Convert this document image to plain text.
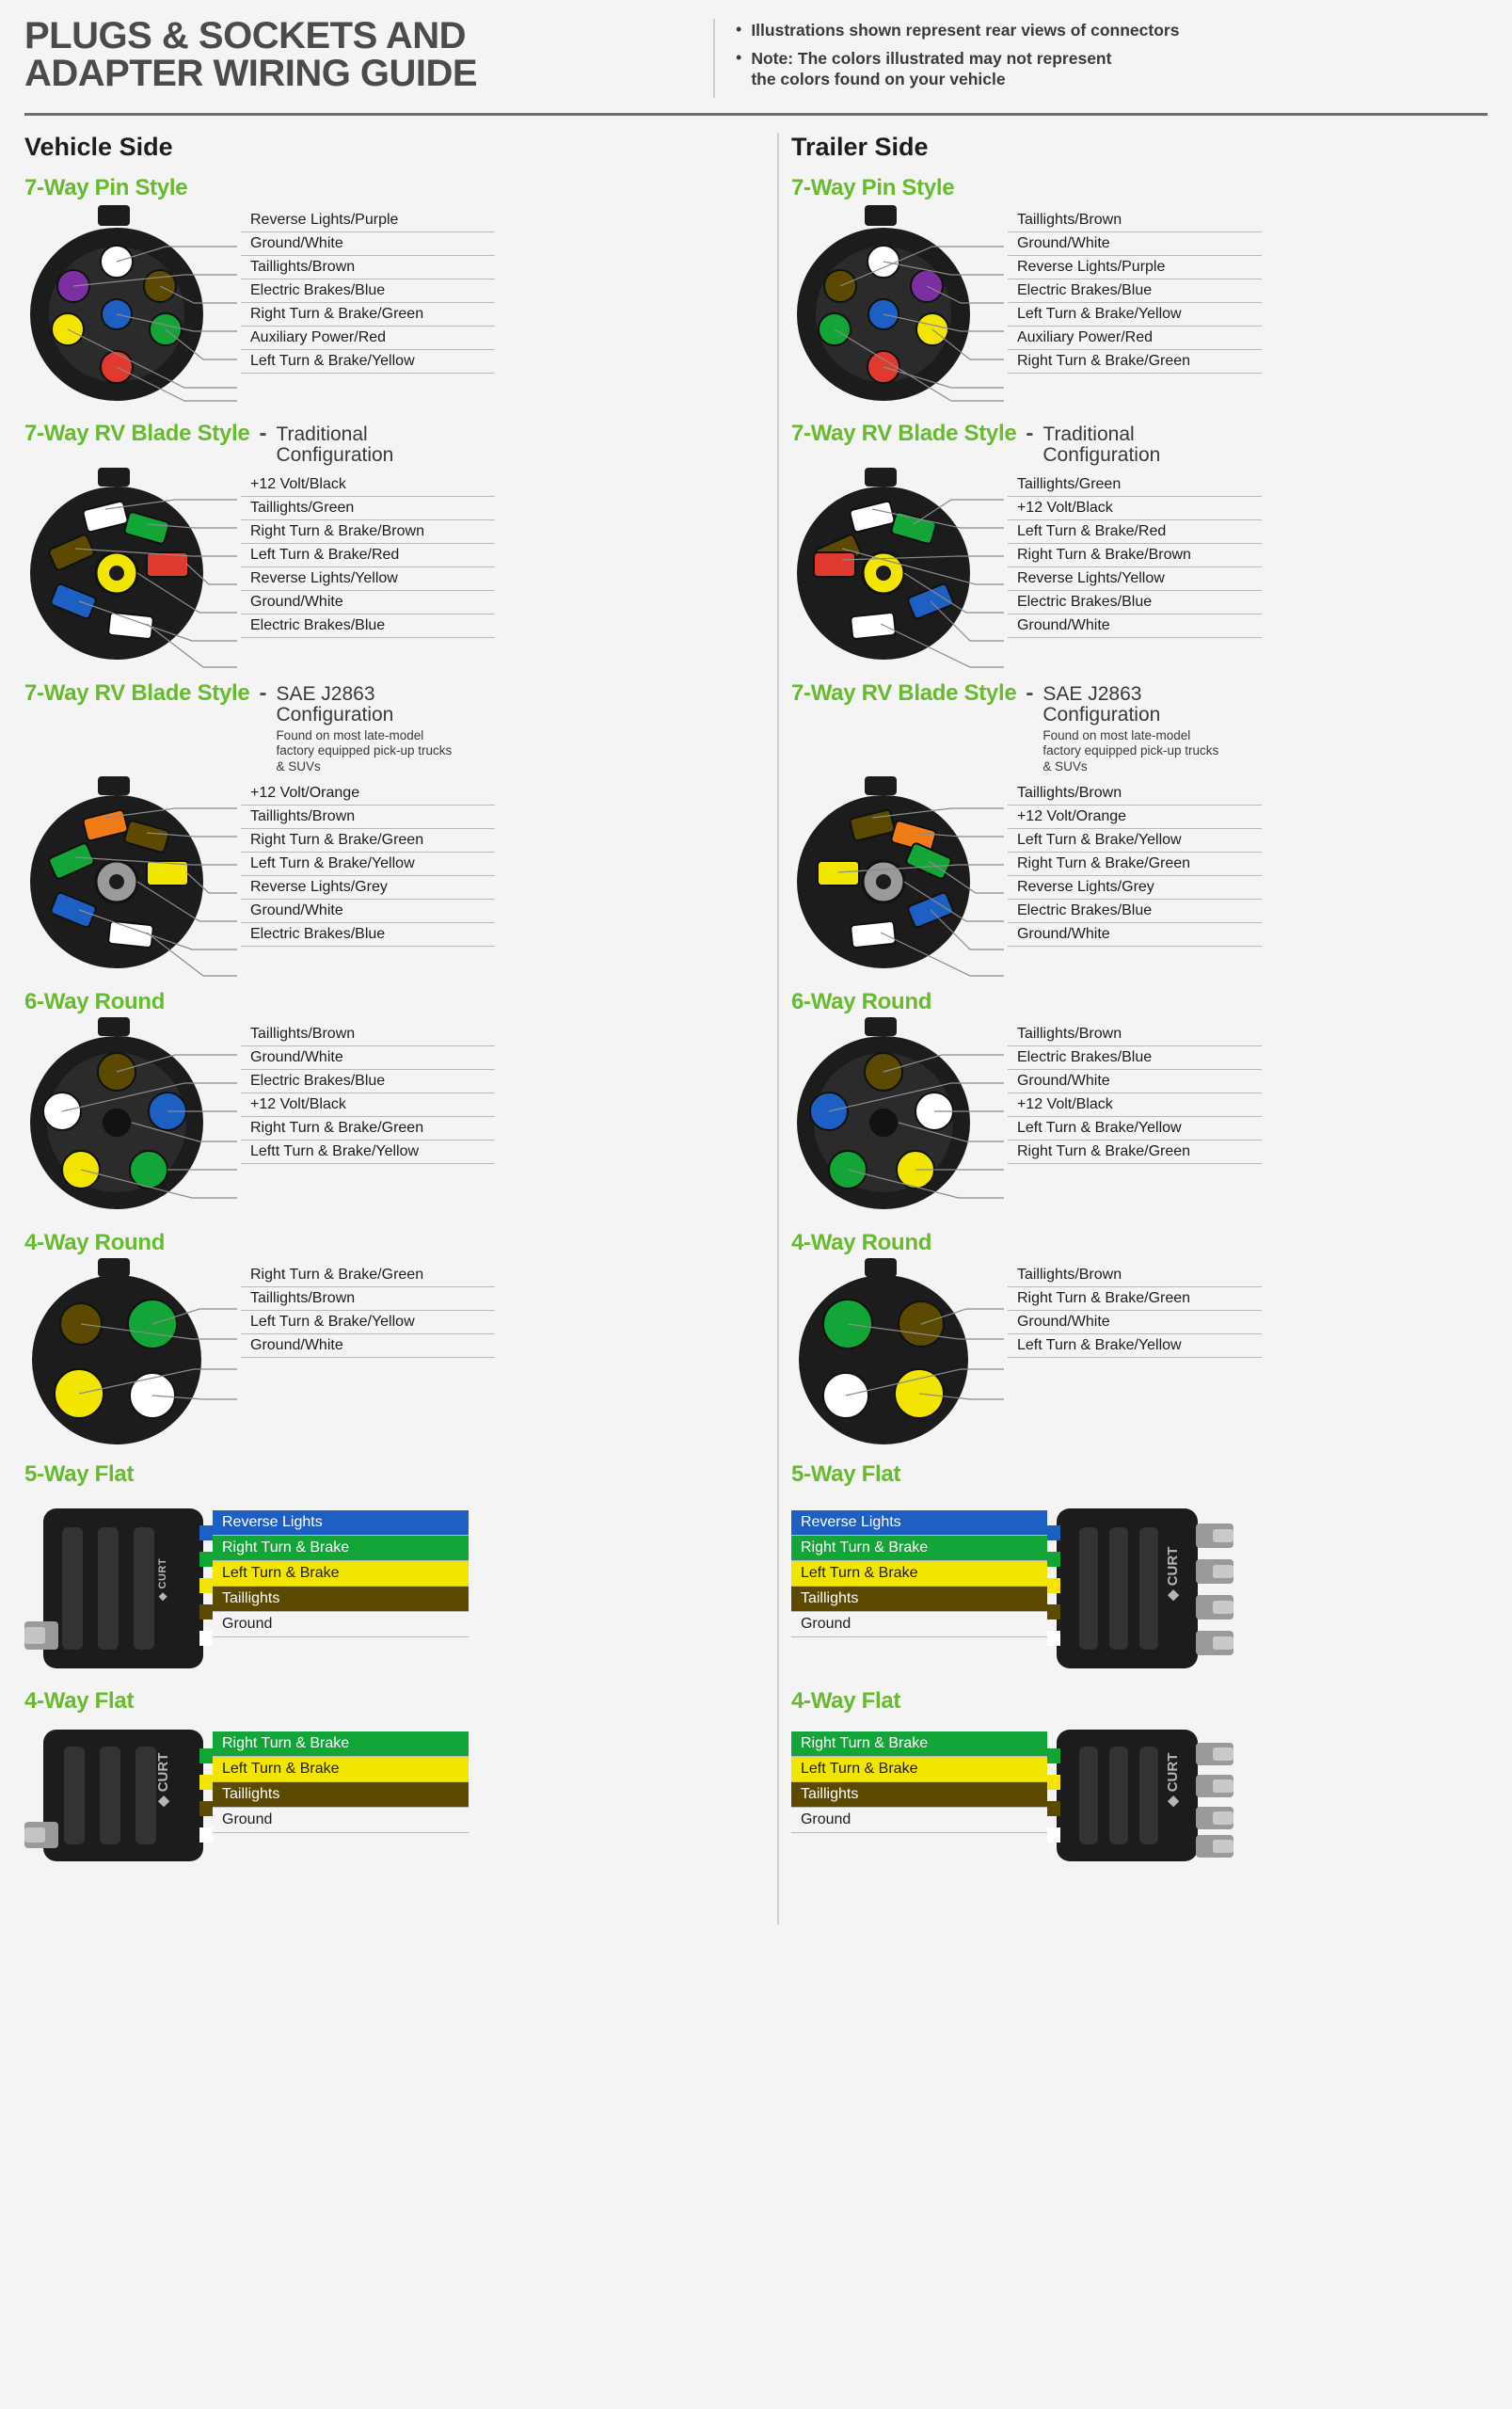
PLUGS & SOCKETS AND
ADAPTER WIRING GUIDE
• Illustrations shown represent rear views of connectors
• Note: The colors illustrated may not represent
the colors found on your vehicle
Vehicle Side
7-Way Pin Style
Reverse Lights/Purple
Ground/White
Taillights/Brown
Electric Brakes/Blue
Right Turn & Brake/Green
Auxiliary Power/Red
Left Turn & Brake/Yellow
7-Way RV Blade Style - Traditional
Configuration
+12 Volt/Black
Taillights/Green
Right Turn & Brake/Brown
Left Turn & Brake/Red
Reverse Lights/Yellow
Ground/White
Electric Brakes/Blue
7-Way RV Blade Style - SAE J2863
Configuration
Found on most late-model factory equipped pick-up trucks & SUVs
+12 Volt/Orange
Taillights/Brown
Right Turn & Brake/Green
Left Turn & Brake/Yellow
Reverse Lights/Grey
Ground/White
Electric Brakes/Blue
6-Way Round
Taillights/Brown
Ground/White
Electric Brakes/Blue
+12 Volt/Black
Right Turn & Brake/Green
Leftt Turn & Brake/Yellow
4-Way Round
Right Turn & Brake/Green
Taillights/Brown
Left Turn & Brake/Yellow
Ground/White
5-Way Flat
◆ CURT
Reverse Lights
Right Turn & Brake
Left Turn & Brake
Taillights
Ground
4-Way Flat
◆ CURT
Right Turn & Brake
Left Turn & Brake
Taillights
Ground
Trailer Side
7-Way Pin Style
Taillights/Brown
Ground/White
Reverse Lights/Purple
Electric Brakes/Blue
Left Turn & Brake/Yellow
Auxiliary Power/Red
Right Turn & Brake/Green
7-Way RV Blade Style - Traditional
Configuration
Taillights/Green
+12 Volt/Black
Left Turn & Brake/Red
Right Turn & Brake/Brown
Reverse Lights/Yellow
Electric Brakes/Blue
Ground/White
7-Way RV Blade Style - SAE J2863
Configuration
Found on most late-model factory equipped pick-up trucks & SUVs
Taillights/Brown
+12 Volt/Orange
Left Turn & Brake/Yellow
Right Turn & Brake/Green
Reverse Lights/Grey
Electric Brakes/Blue
Ground/White
6-Way Round
Taillights/Brown
Electric Brakes/Blue
Ground/White
+12 Volt/Black
Left Turn & Brake/Yellow
Right Turn & Brake/Green
4-Way Round
Taillights/Brown
Right Turn & Brake/Green
Ground/White
Left Turn & Brake/Yellow
5-Way Flat
Reverse Lights
Right Turn & Brake
Left Turn & Brake
Taillights
Ground
◆ CURT
4-Way Flat
Right Turn & Brake
Left Turn & Brake
Taillights
Ground
◆ CURT
